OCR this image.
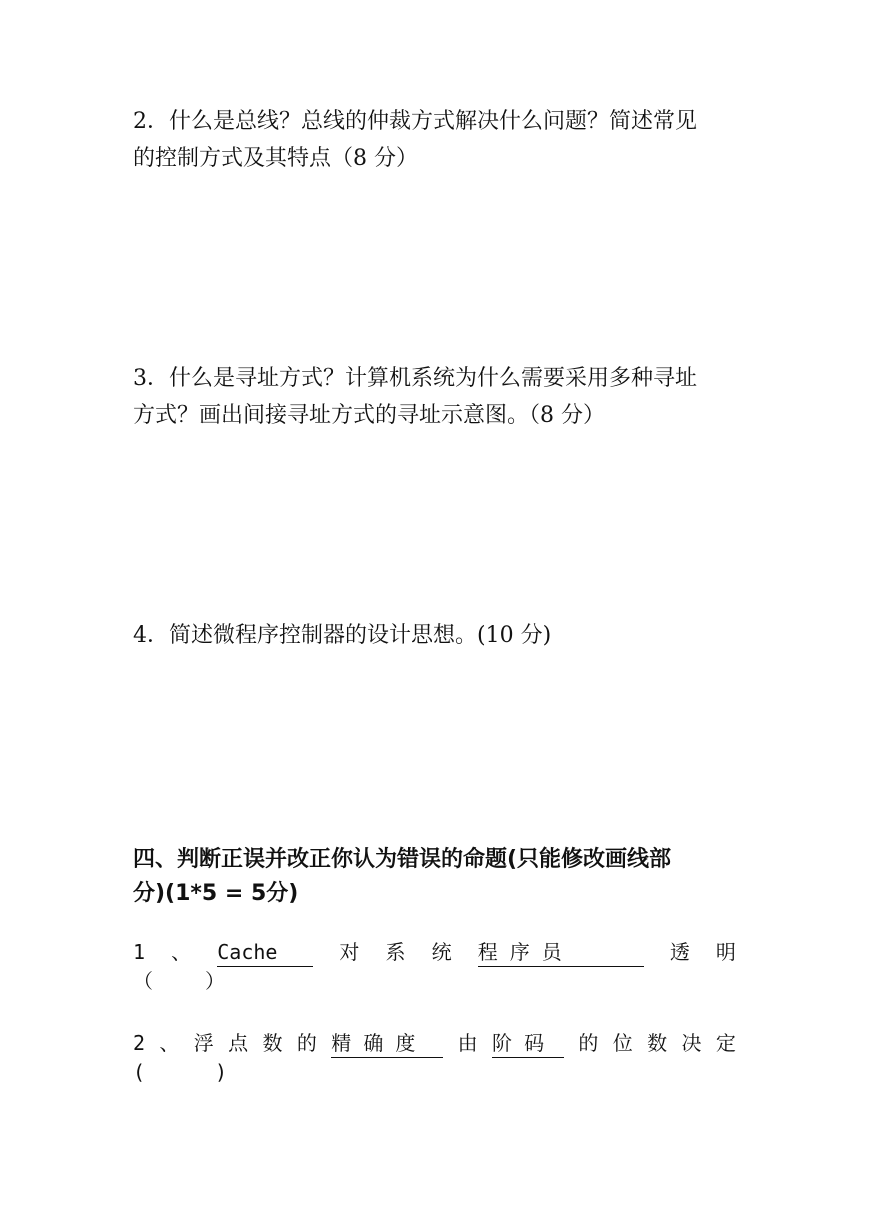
2．什么是总线？总线的仲裁方式解决什么问题？简述常见

的控制方式及其特点（8 分）

3．什么是寻址方式？计算机系统为什么需要采用多种寻址

方式？画出间接寻址方式的寻址示意图。（8 分）

4．简述微程序控制器的设计思想。(10 分)

四、判断正误并改正你认为错误的命题(只能修改画线部

分)(1*5 = 5分)

1 、 Cache	对 系 统 程 序 员	透 明
（	）
2 、 浮 点 数 的 精 确 度	由 阶 码	的 位 数 决 定
(	)
